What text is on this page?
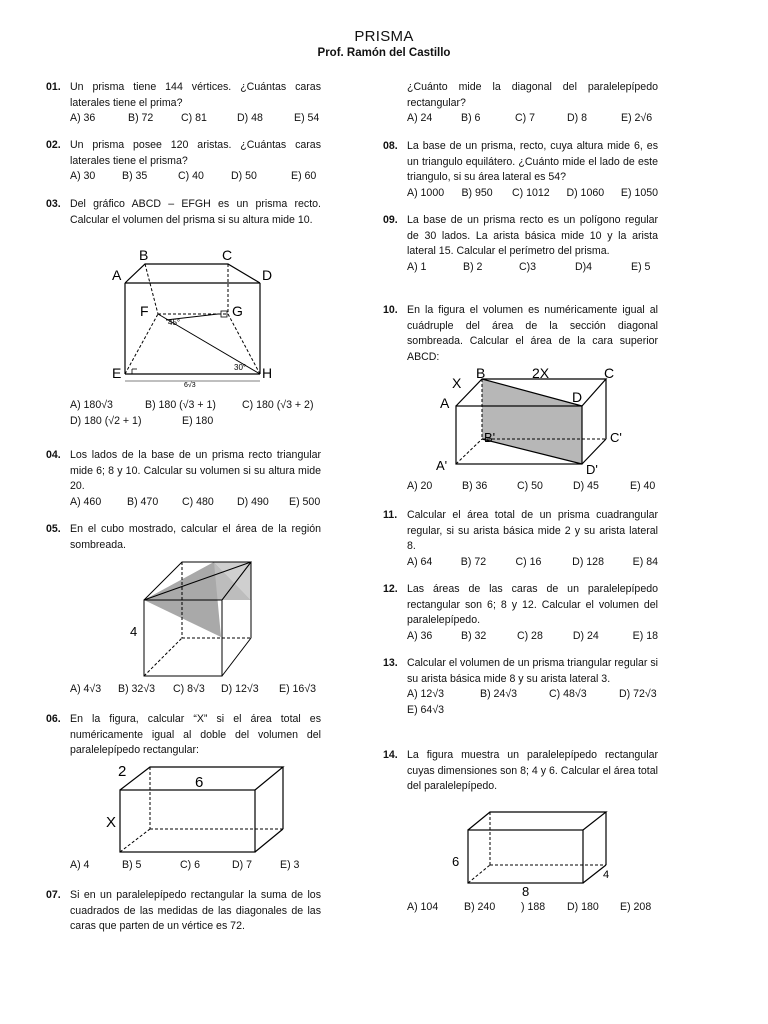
PRISMA
Prof. Ramón del Castillo
01. Un prisma tiene 144 vértices. ¿Cuántas caras laterales tiene el prima?
A) 36	B) 72	C) 81	D) 48	E) 54
02. Un prisma posee 120 aristas. ¿Cuántas caras laterales tiene el prisma?
A) 30	B) 35	C) 40	D) 50	E) 60
03. Del gráfico ABCD – EFGH es un prisma recto. Calcular el volumen del prisma si su altura mide 10.
A
B	C
D
E
F	G
H
45°
30°
6√3
A) 180√3	B) 180 (√3 + 1)	C) 180 (√3 + 2)
D) 180 (√2 + 1)	E) 180
04. Los lados de la base de un prisma recto triangular mide 6; 8 y 10. Calcular su volumen si su altura mide 20.
A) 460	B) 470	C) 480	D) 490	E) 500
05. En el cubo mostrado, calcular el área de la región sombreada.
4
A) 4√3	B) 32√3	C) 8√3	D) 12√3	E) 16√3
06. En la figura, calcular “X” si el área total es numéricamente igual al doble del volumen del paralelepípedo rectangular:
2
6
X
A) 4	B) 5	C) 6	D) 7	E) 3
07. Si en un paralelepípedo rectangular la suma de los cuadrados de las medidas de las diagonales de las caras que parten de un vértice es 72.
¿Cuánto mide la diagonal del paralelepípedo rectangular?
A) 24	B) 6	C) 7	D) 8	E) 2√6
08. La base de un prisma, recto, cuya altura mide 6, es un triangulo equilátero. ¿Cuánto mide el lado de este triangulo, si su área lateral es 54?
A) 1000	B) 950	C) 1012	D) 1060	E) 1050
09. La base de un prisma recto es un polígono regular de 30 lados. La arista básica mide 10 y la arista lateral 15. Calcular el perímetro del prisma.
A) 1	B) 2	C)3	D)4	E) 5
10. En la figura el volumen es numéricamente igual al cuádruple del área de la sección diagonal sombreada. Calcular el área de la cara superior ABCD:
X
B	2X	C
A	D
B'	C'
A'	D'
A) 20	B) 36	C) 50	D) 45	E) 40
11. Calcular el área total de un prisma cuadrangular regular, si su arista básica mide 2 y su arista lateral 8.
A) 64	B) 72	C) 16	D) 128	E) 84
12. Las áreas de las caras de un paralelepípedo rectangular son 6; 8 y 12. Calcular el volumen del paralelepípedo.
A) 36	B) 32	C) 28	D) 24	E) 18
13. Calcular el volumen de un prisma triangular regular si su arista básica mide 8 y su arista lateral 3.
A) 12√3	B) 24√3	C) 48√3	D) 72√3
E) 64√3
14. La figura muestra un paralelepípedo rectangular cuyas dimensiones son 8; 4 y 6. Calcular el área total del paralelepípedo.
6
8
4
A) 104	B) 240	) 188	D) 180	E) 208
